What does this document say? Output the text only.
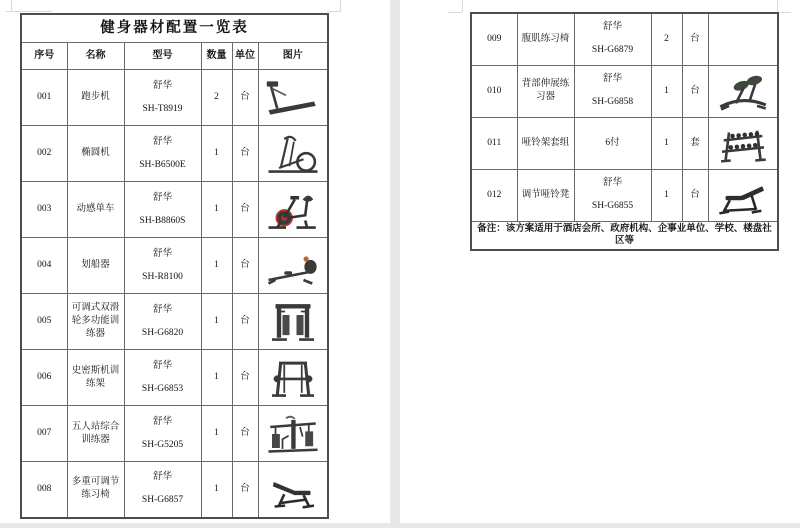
健身器材配置一览表					
序号	名称	型号	数量	单位	图片
001	跑步机	舒华
SH-T8919	2	台	

002	椭圆机	舒华
SH-B6500E	1	台	

003	动感单车	舒华
SH-B8860S	1	台	

004	划船器	舒华
SH-R8100	1	台	

005	可调式双滑轮多功能训练器	舒华
SH-G6820	1	台	

006	史密斯机训练架	舒华
SH-G6853	1	台	

007	五人站综合训练器	舒华
SH-G5205	1	台	

008	多重可调节练习椅	舒华
SH-G6857	1	台	
009	腹肌练习椅	舒华
SH-G6879	2	台	
010	背部伸展练习器	舒华
SH-G6858	1	台	

011	哑铃架套组	6付	1	套	

012	调节哑铃凳	舒华
SH-G6855	1	台	

备注：该方案适用于酒店会所、政府机构、企事业单位、学校、楼盘社区等					
